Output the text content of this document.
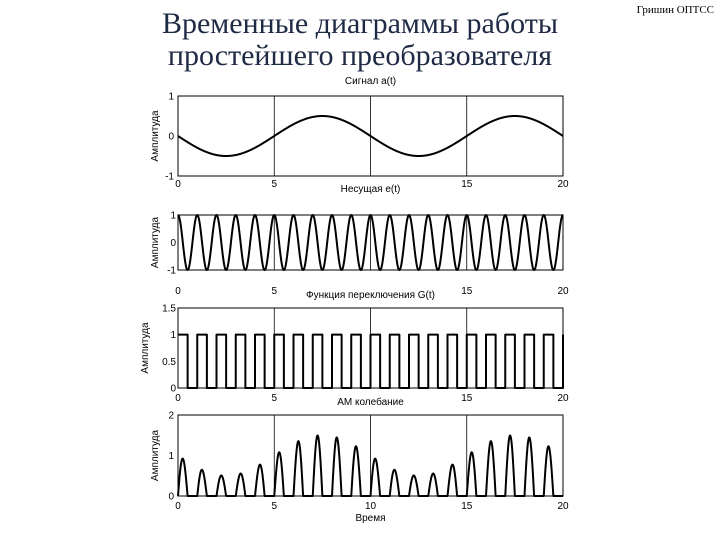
Временные диаграммы работы простейшего преобразователя
Гришин ОПТСС
0	5	15	20
1
0
-1
Сигнал a(t)
Амплитуда
0	5	15	20
1
0
-1
Несущая e(t)
Амплитуда
0	5	15	20
1.5
1
0.5
0
Функция переключения G(t)
Амплитуда
0	5	10	15	20
2
1
0
АМ колебание
Амплитуда
Время
